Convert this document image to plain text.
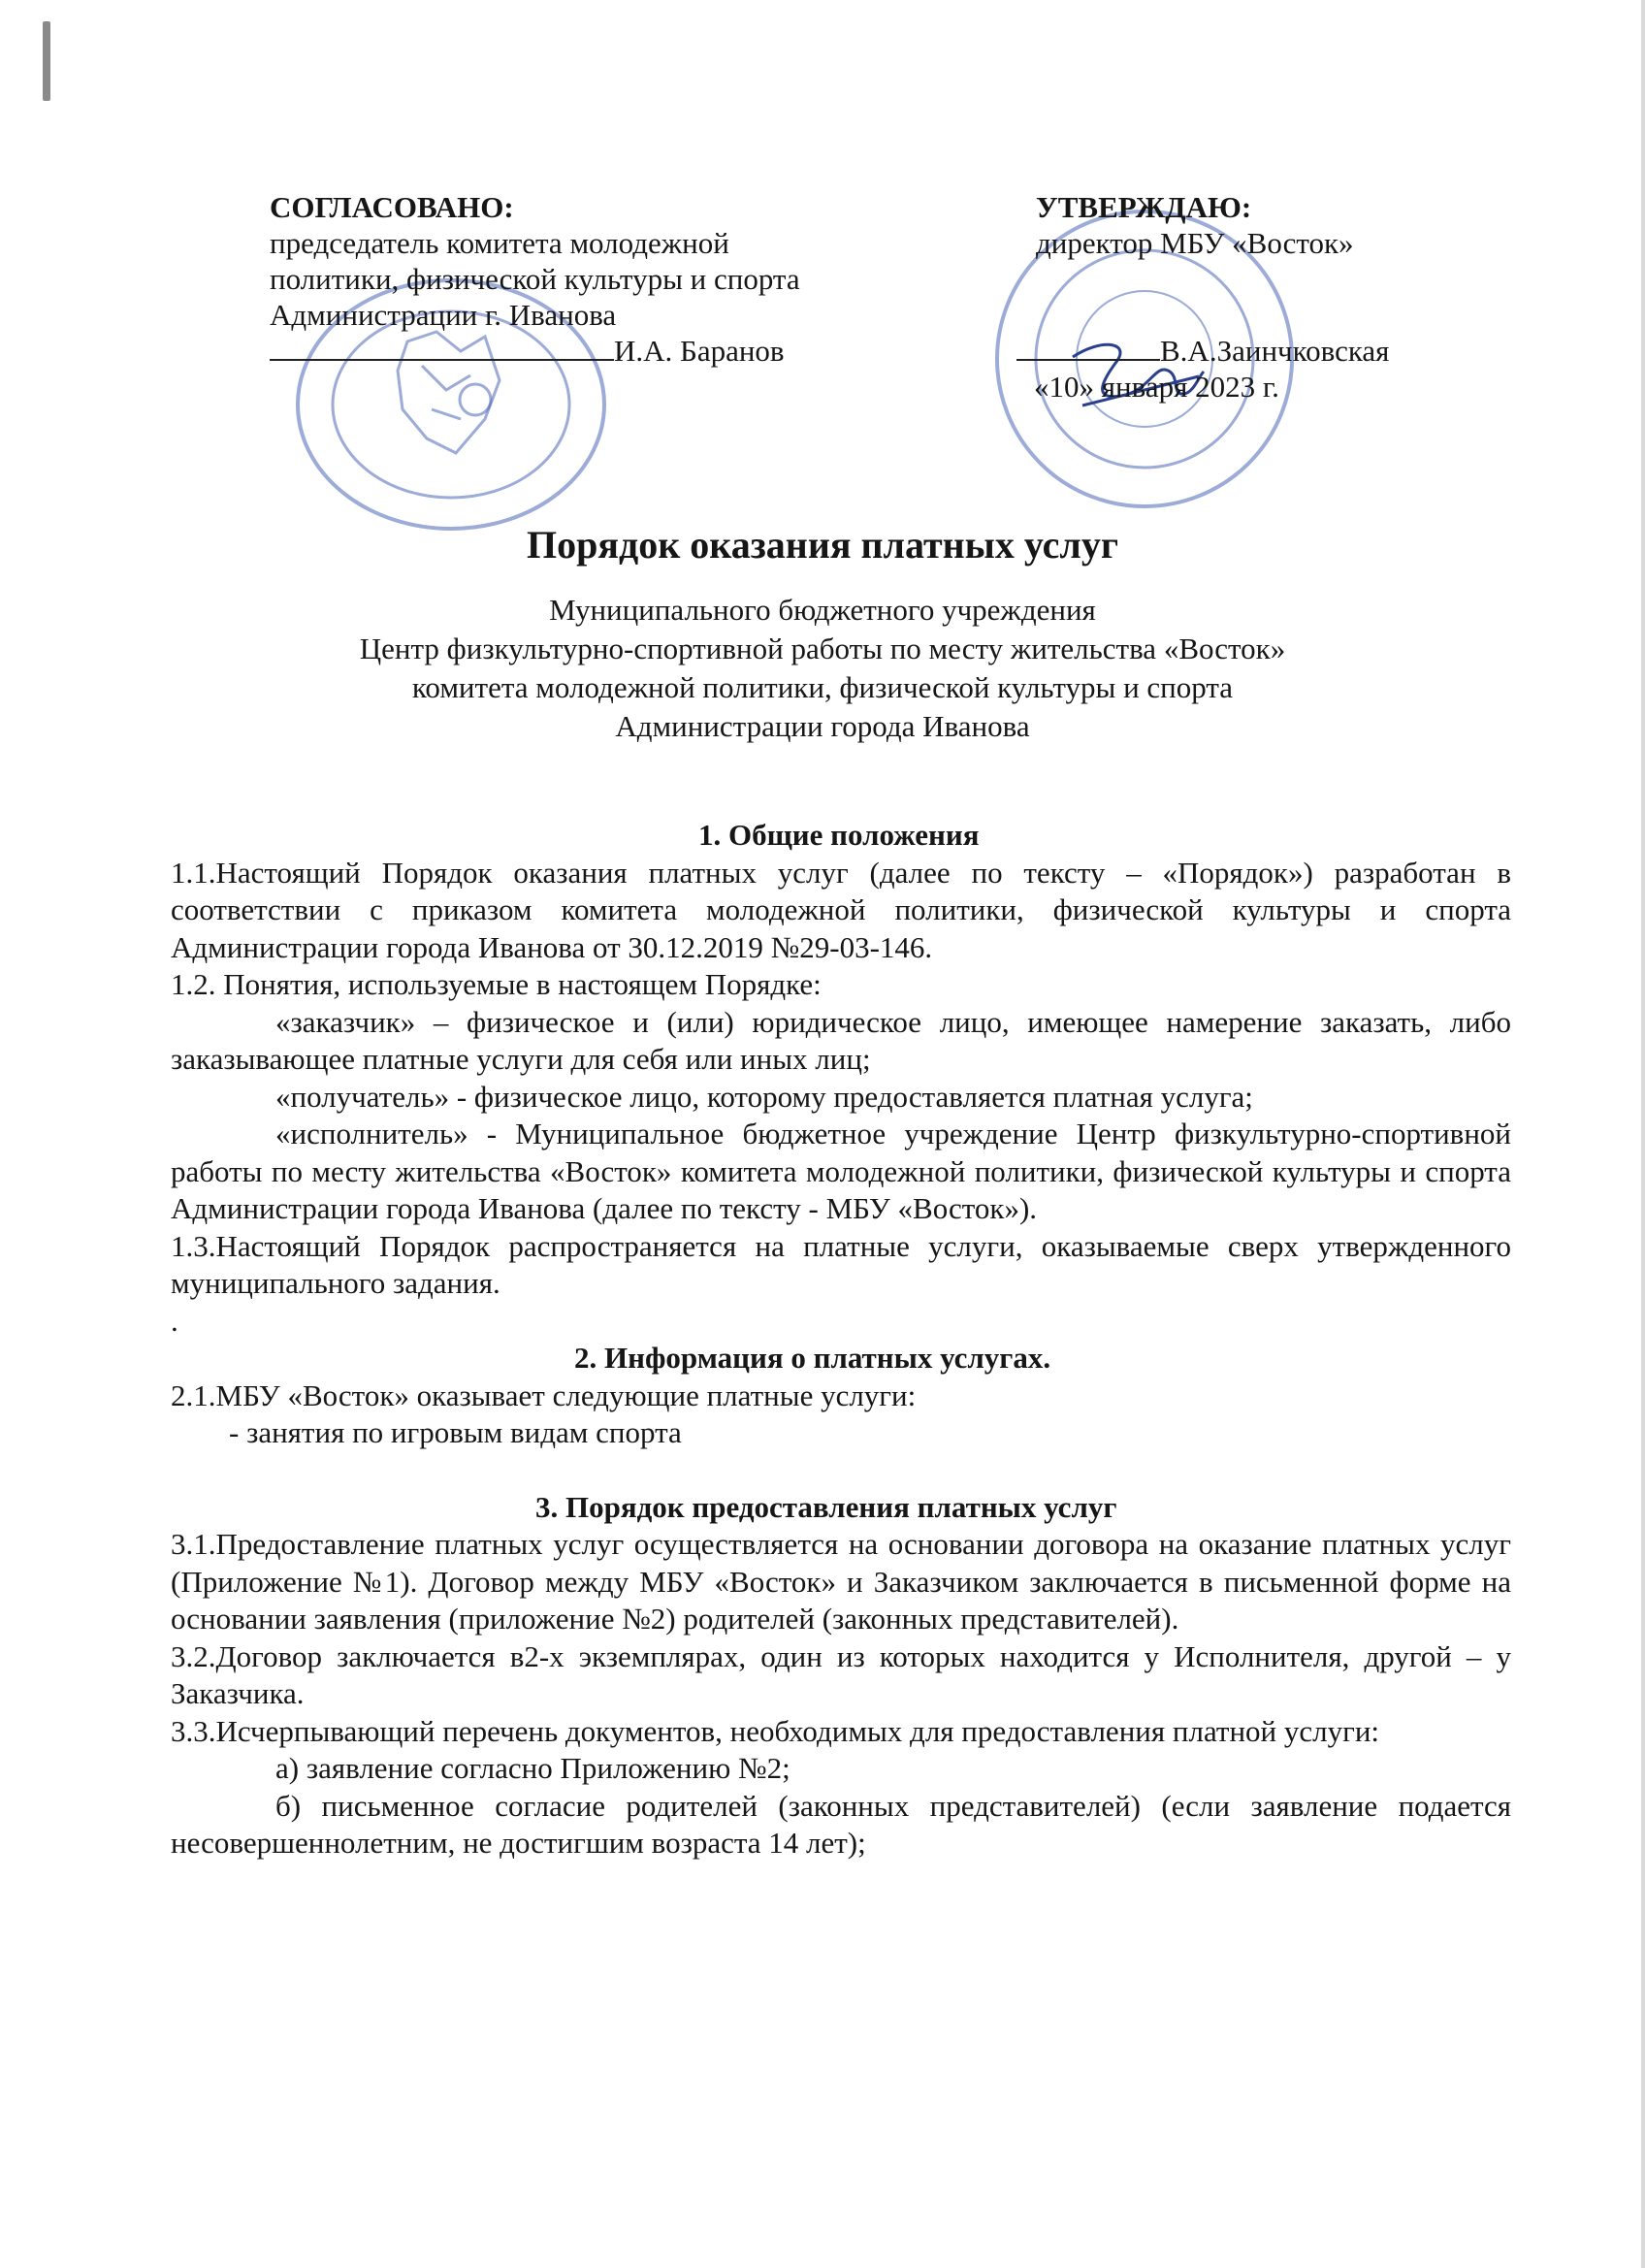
СОГЛАСОВАНО:
председатель комитета молодежной
политики, физической культуры и спорта
Администрации г. Иванова
И.А. Баранов
УТВЕРЖДАЮ:
директор МБУ «Восток»
В.А.Заинчковская
«10» января 2023 г.
Порядок оказания платных услуг
Муниципального бюджетного учреждения
Центр физкультурно-спортивной работы по месту жительства «Восток»
комитета молодежной политики, физической культуры и спорта
Администрации города Иванова

1. Общие положения

1.1.Настоящий Порядок оказания платных услуг (далее по тексту – «Порядок») разработан в соответствии с приказом комитета молодежной политики, физической культуры и спорта Администрации города Иванова от 30.12.2019 №29-03-146.

1.2. Понятия, используемые в настоящем Порядке:

«заказчик» – физическое и (или) юридическое лицо, имеющее намерение заказать, либо заказывающее платные услуги для себя или иных лиц;

«получатель» - физическое лицо, которому предоставляется платная услуга;

«исполнитель» - Муниципальное бюджетное учреждение Центр физкультурно-спортивной работы по месту жительства «Восток» комитета молодежной политики, физической культуры и спорта Администрации города Иванова (далее по тексту - МБУ «Восток»).

1.3.Настоящий Порядок распространяется на платные услуги, оказываемые сверх утвержденного муниципального задания.

.

2. Информация о платных услугах.

2.1.МБУ «Восток» оказывает следующие платные услуги:

- занятия по игровым видам спорта

3. Порядок предоставления платных услуг

3.1.Предоставление платных услуг осуществляется на основании договора на оказание платных услуг (Приложение №1). Договор между МБУ «Восток» и Заказчиком заключается в письменной форме на основании заявления (приложение №2) родителей (законных представителей).

3.2.Договор заключается в2-х экземплярах, один из которых находится у Исполнителя, другой – у Заказчика.

3.3.Исчерпывающий перечень документов, необходимых для предоставления платной услуги:

а) заявление согласно Приложению №2;

б) письменное согласие родителей (законных представителей) (если заявление подается несовершеннолетним, не достигшим возраста 14 лет);
